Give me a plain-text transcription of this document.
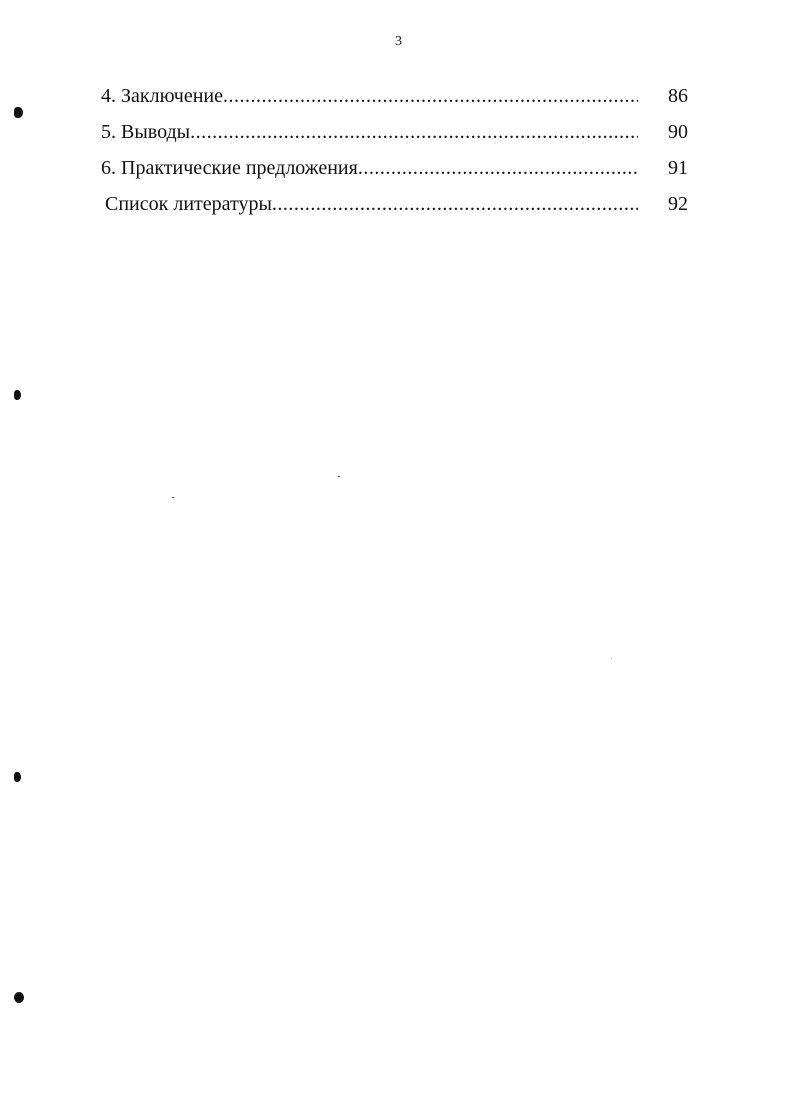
3
4. Заключение .....	86
5. Выводы .....	90
6. Практические предложения .....	91
Список литературы .....	92
